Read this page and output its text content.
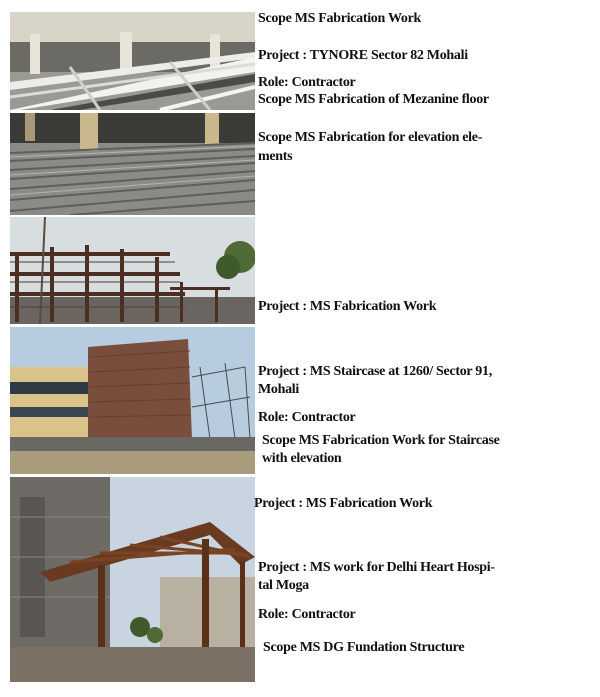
Scope MS Fabrication Work
Project : TYNORE Sector 82 Mohali
Role: Contractor
Scope MS Fabrication of Mezanine floor
Scope MS Fabrication for elevation ele-
ments
Project : MS Fabrication Work
Project : MS Staircase at 1260/ Sector 91,
Mohali
Role: Contractor
Scope MS Fabrication Work for Staircase
with elevation
Project : MS Fabrication Work
Project : MS work for Delhi Heart Hospi-
tal Moga
Role: Contractor
Scope MS DG Fundation Structure
